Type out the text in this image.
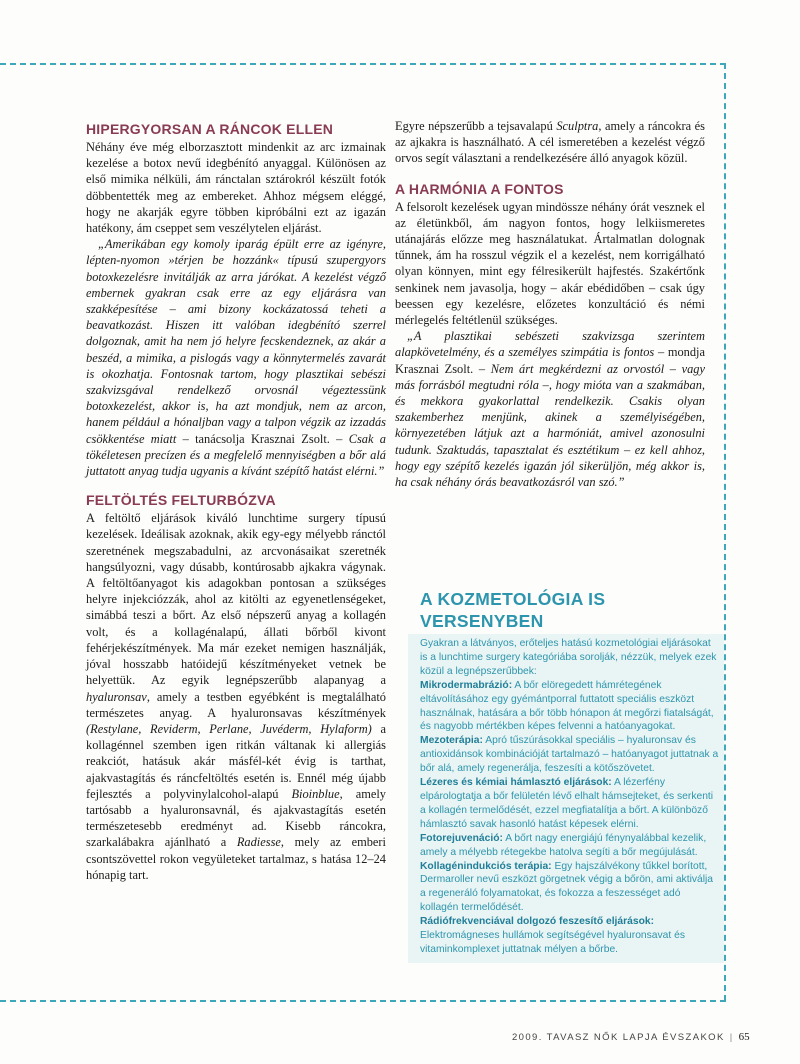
HIPERGYORSAN A RÁNCOK ELLEN

Néhány éve még elborzasztott mindenkit az arc izmainak kezelése a botox nevű idegbénító anyaggal. Különösen az első mimika nélküli, ám ránctalan sztárokról készült fotók döbbentették meg az embereket. Ahhoz mégsem eléggé, hogy ne akarják egyre többen kipróbálni ezt az igazán hatékony, ám cseppet sem veszélytelen eljárást.

„Amerikában egy komoly iparág épült erre az igényre, lépten-nyomon »térjen be hozzánk« típusú szupergyors botoxkezelésre invitálják az arra járókat. A kezelést végző embernek gyakran csak erre az egy eljárásra van szakképesítése – ami bizony kockázatossá teheti a beavatkozást. Hiszen itt valóban idegbénító szerrel dolgoznak, amit ha nem jó helyre fecskendeznek, az akár a beszéd, a mimika, a pislogás vagy a könnytermelés zavarát is okozhatja. Fontosnak tartom, hogy plasztikai sebészi szakvizsgával rendelkező orvosnál végeztessünk botoxkezelést, akkor is, ha azt mondjuk, nem az arcon, hanem például a hónaljban vagy a talpon végzik az izzadás csökkentése miatt – tanácsolja Krasznai Zsolt. – Csak a tökéletesen precízen és a megfelelő mennyiségben a bőr alá juttatott anyag tudja ugyanis a kívánt szépítő hatást elérni.”

FELTÖLTÉS FELTURBÓZVA

A feltöltő eljárások kiváló lunchtime surgery típusú kezelések. Ideálisak azoknak, akik egy-egy mélyebb ránctól szeretnének megszabadulni, az arcvonásaikat szeretnék hangsúlyozni, vagy dúsabb, kontúrosabb ajkakra vágynak. A feltöltőanyagot kis adagokban pontosan a szükséges helyre injekciózzák, ahol az kitölti az egyenetlenségeket, simábbá teszi a bőrt. Az első népszerű anyag a kollagén volt, és a kollagénalapú, állati bőrből kivont fehérjekészítmények. Ma már ezeket nemigen használják, jóval hosszabb hatóidejű készítményeket vetnek be helyettük. Az egyik legnépszerűbb alapanyag a hyaluronsav, amely a testben egyébként is megtalálható természetes anyag. A hyaluronsavas készítmények (Restylane, Reviderm, Perlane, Juvéderm, Hylaform) a kollagénnel szemben igen ritkán váltanak ki allergiás reakciót, hatásuk akár másfél-két évig is tarthat, ajakvastagítás és ráncfeltöltés esetén is. Ennél még újabb fejlesztés a polyvinylalcohol-alapú Bioinblue, amely tartósabb a hyaluronsavnál, és ajakvastagítás esetén természetesebb eredményt ad. Kisebb ráncokra, szarkalábakra ajánlható a Radiesse, mely az emberi csontszövettel rokon vegyületeket tartalmaz, s hatása 12–24 hónapig tart.

Egyre népszerűbb a tejsavalapú Sculptra, amely a ráncokra és az ajkakra is használható. A cél ismeretében a kezelést végző orvos segít választani a rendelkezésére álló anyagok közül.

A HARMÓNIA A FONTOS

A felsorolt kezelések ugyan mindössze néhány órát vesznek el az életünkből, ám nagyon fontos, hogy lelkiismeretes utánajárás előzze meg használatukat. Ártalmatlan dolognak tűnnek, ám ha rosszul végzik el a kezelést, nem korrigálható olyan könnyen, mint egy félresikerült hajfestés. Szakértőnk senkinek nem javasolja, hogy – akár ebédidőben – csak úgy beessen egy kezelésre, előzetes konzultáció és némi mérlegelés feltétlenül szükséges.

„A plasztikai sebészeti szakvizsga szerintem alapkövetelmény, és a személyes szimpátia is fontos – mondja Krasznai Zsolt. – Nem árt megkérdezni az orvostól – vagy más forrásból megtudni róla –, hogy mióta van a szakmában, és mekkora gyakorlattal rendelkezik. Csakis olyan szakemberhez menjünk, akinek a személyiségében, környezetében látjuk azt a harmóniát, amivel azonosulni tudunk. Szaktudás, tapasztalat és esztétikum – ez kell ahhoz, hogy egy szépítő kezelés igazán jól sikerüljön, még akkor is, ha csak néhány órás beavatkozásról van szó.”

A KOZMETOLÓGIA IS VERSENYBEN

Gyakran a látványos, erőteljes hatású kozmetológiai eljárásokat is a lunchtime surgery kategóriába sorolják, nézzük, melyek ezek közül a legnépszerűbbek:

Mikrodermabrázió: A bőr elöregedett hámrétegének eltávolításához egy gyémántporral futtatott speciális eszközt használnak, hatására a bőr több hónapon át megőrzi fiatalságát, és nagyobb mértékben képes felvenni a hatóanyagokat.

Mezoterápia: Apró tűszúrásokkal speciális – hyaluronsav és antioxidánsok kombinációját tartalmazó – hatóanyagot juttatnak a bőr alá, amely regenerálja, feszesíti a kötőszövetet.

Lézeres és kémiai hámlasztó eljárások: A lézerfény elpárologtatja a bőr felületén lévő elhalt hámsejteket, és serkenti a kollagén termelődését, ezzel megfiatalítja a bőrt. A különböző hámlasztó savak hasonló hatást képesek elérni.

Fotorejuvenáció: A bőrt nagy energiájú fénynyalábbal kezelik, amely a mélyebb rétegekbe hatolva segíti a bőr megújulását.

Kollagénindukciós terápia: Egy hajszálvékony tűkkel borított, Dermaroller nevű eszközt görgetnek végig a bőrön, ami aktiválja a regeneráló folyamatokat, és fokozza a feszességet adó kollagén termelődését.

Rádiófrekvenciával dolgozó feszesítő eljárások: Elektromágneses hullámok segítségével hyaluronsavat és vitaminkomplexet juttatnak mélyen a bőrbe.

2009. TAVASZ NŐK LAPJA ÉVSZAKOK | 65
